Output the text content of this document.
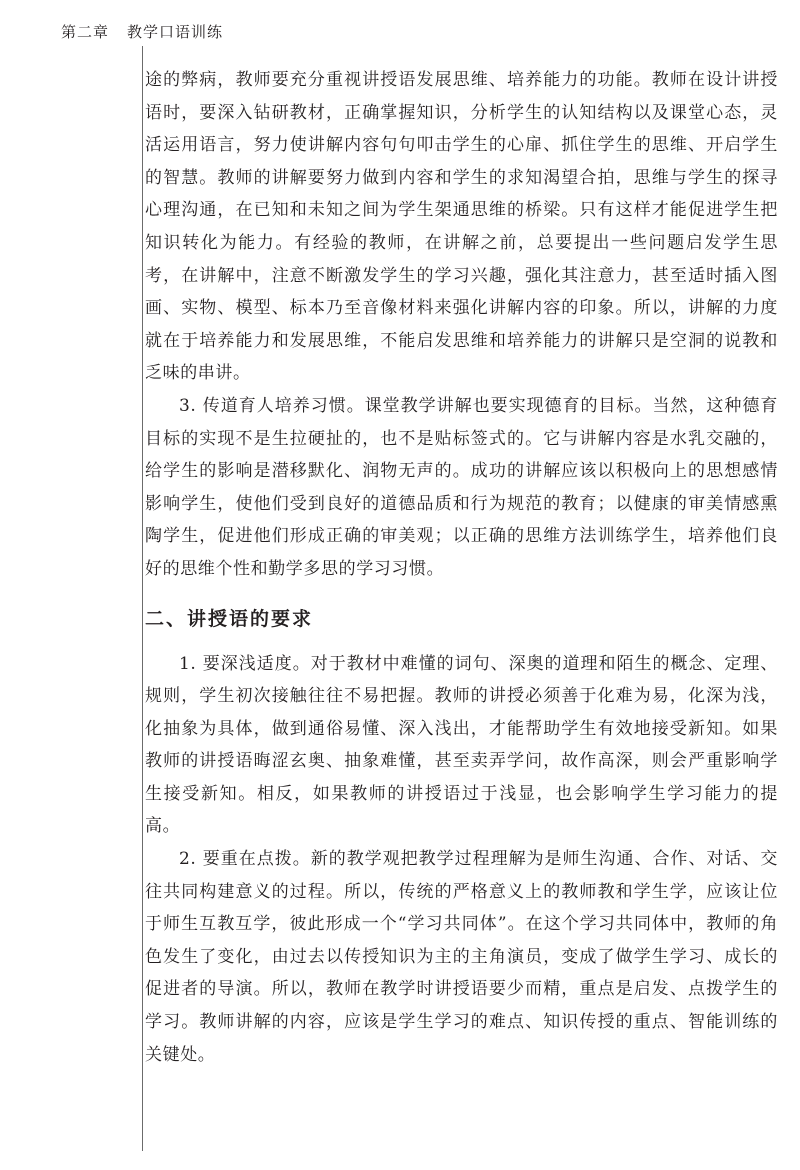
第二章 教学口语训练

途的弊病，教师要充分重视讲授语发展思维、培养能力的功能。教师在设计讲授语时，要深入钻研教材，正确掌握知识，分析学生的认知结构以及课堂心态，灵活运用语言，努力使讲解内容句句叩击学生的心扉、抓住学生的思维、开启学生的智慧。教师的讲解要努力做到内容和学生的求知渴望合拍，思维与学生的探寻心理沟通，在已知和未知之间为学生架通思维的桥梁。只有这样才能促进学生把知识转化为能力。有经验的教师，在讲解之前，总要提出一些问题启发学生思考，在讲解中，注意不断激发学生的学习兴趣，强化其注意力，甚至适时插入图画、实物、模型、标本乃至音像材料来强化讲解内容的印象。所以，讲解的力度就在于培养能力和发展思维，不能启发思维和培养能力的讲解只是空洞的说教和乏味的串讲。

3. 传道育人培养习惯。课堂教学讲解也要实现德育的目标。当然，这种德育目标的实现不是生拉硬扯的，也不是贴标签式的。它与讲解内容是水乳交融的，给学生的影响是潜移默化、润物无声的。成功的讲解应该以积极向上的思想感情影响学生，使他们受到良好的道德品质和行为规范的教育；以健康的审美情感熏陶学生，促进他们形成正确的审美观；以正确的思维方法训练学生，培养他们良好的思维个性和勤学多思的学习习惯。

二、讲授语的要求

1. 要深浅适度。对于教材中难懂的词句、深奥的道理和陌生的概念、定理、规则，学生初次接触往往不易把握。教师的讲授必须善于化难为易，化深为浅，化抽象为具体，做到通俗易懂、深入浅出，才能帮助学生有效地接受新知。如果教师的讲授语晦涩玄奥、抽象难懂，甚至卖弄学问，故作高深，则会严重影响学生接受新知。相反，如果教师的讲授语过于浅显，也会影响学生学习能力的提高。

2. 要重在点拨。新的教学观把教学过程理解为是师生沟通、合作、对话、交往共同构建意义的过程。所以，传统的严格意义上的教师教和学生学，应该让位于师生互教互学，彼此形成一个“学习共同体”。在这个学习共同体中，教师的角色发生了变化，由过去以传授知识为主的主角演员，变成了做学生学习、成长的促进者的导演。所以，教师在教学时讲授语要少而精，重点是启发、点拨学生的学习。教师讲解的内容，应该是学生学习的难点、知识传授的重点、智能训练的关键处。
